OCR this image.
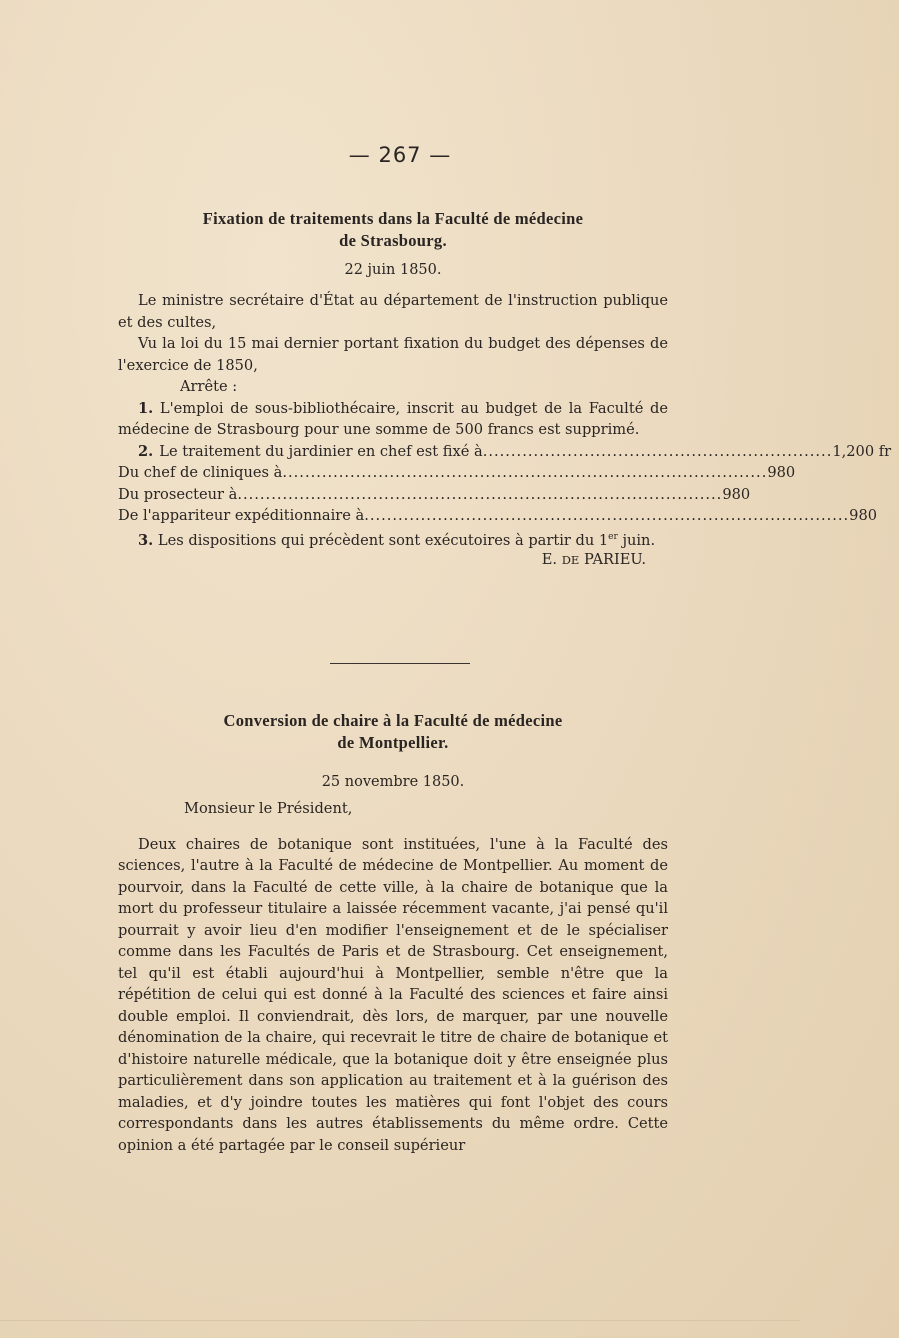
— 267 —
Fixation de traitements dans la Faculté de médecine
de Strasbourg.
22 juin 1850.
Le ministre secrétaire d'État au département de l'instruction publique et des cultes,
Vu la loi du 15 mai dernier portant fixation du budget des dépenses de l'exercice de 1850,
Arrête :
1. L'emploi de sous-bibliothécaire, inscrit au budget de la Faculté de médecine de Strasbourg pour une somme de 500 francs est supprimé.
2. Le traitement du jardinier en chef est fixé à .............................................................. 1,200 fr
Du chef de cliniques à ...................................................................................... 980
Du prosecteur à ...................................................................................... 980
De l'appariteur expéditionnaire à ...................................................................................... 980
3. Les dispositions qui précèdent sont exécutoires à partir du 1er juin.
E. DE PARIEU.
Conversion de chaire à la Faculté de médecine
de Montpellier.
25 novembre 1850.
Monsieur le Président,
Deux chaires de botanique sont instituées, l'une à la Faculté des sciences, l'autre à la Faculté de médecine de Montpellier. Au moment de pourvoir, dans la Faculté de cette ville, à la chaire de botanique que la mort du professeur titulaire a laissée récemment vacante, j'ai pensé qu'il pourrait y avoir lieu d'en modifier l'enseignement et de le spécialiser comme dans les Facultés de Paris et de Strasbourg. Cet enseignement, tel qu'il est établi aujourd'hui à Montpellier, semble n'être que la répétition de celui qui est donné à la Faculté des sciences et faire ainsi double emploi. Il conviendrait, dès lors, de marquer, par une nouvelle dénomination de la chaire, qui recevrait le titre de chaire de botanique et d'histoire naturelle médicale, que la botanique doit y être enseignée plus particulièrement dans son application au traitement et à la guérison des maladies, et d'y joindre toutes les matières qui font l'objet des cours correspondants dans les autres établissements du même ordre. Cette opinion a été partagée par le conseil supérieur
